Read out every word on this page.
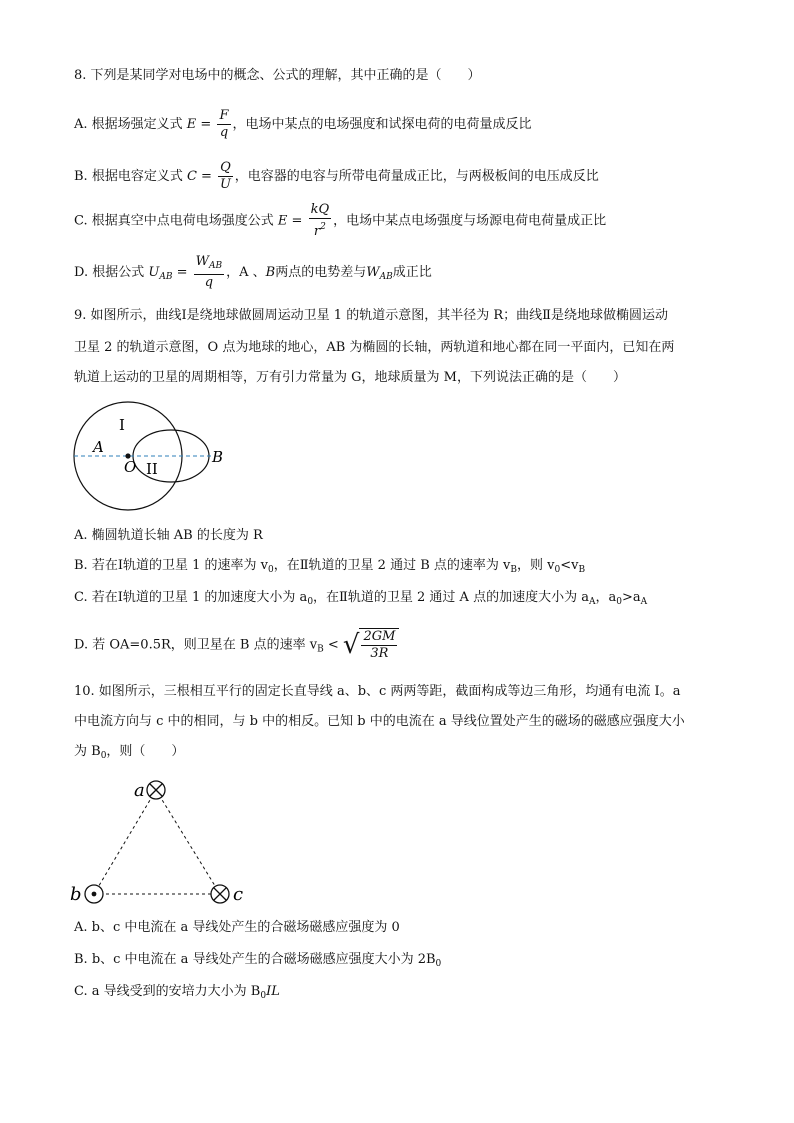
8. 下列是某同学对电场中的概念、公式的理解，其中正确的是（　　）
A. 根据场强定义式 $E = \frac{F}{q}$ ，电场中某点的电场强度和试探电荷的电荷量成反比
B. 根据电容定义式 $C = \frac{Q}{U}$ ，电容器的电容与所带电荷量成正比，与两极板间的电压成反比
C. 根据真空中点电荷电场强度公式 $E = \frac{kQ}{r^2}$ ，电场中某点电场强度与场源电荷电荷量成正比
D. 根据公式 $U_{AB} = \frac{W_{AB}}{q}$ ，A 、B两点的电势差与$W_{AB}$成正比
9. 如图所示，曲线Ⅰ是绕地球做圆周运动卫星 1 的轨道示意图，其半径为 R；曲线Ⅱ是绕地球做椭圆运动
卫星 2 的轨道示意图，O 点为地球的地心，AB 为椭圆的长轴，两轨道和地心都在同一平面内，已知在两
轨道上运动的卫星的周期相等，万有引力常量为 G，地球质量为 M，下列说法正确的是（　　）
I
II
A
B
O
A. 椭圆轨道长轴 AB 的长度为 R
B. 若在Ⅰ轨道的卫星 1 的速率为 $v_0$，在Ⅱ轨道的卫星 2 通过 B 点的速率为 $v_B$，则 $v_0<v_B$
C. 若在Ⅰ轨道的卫星 1 的加速度大小为 $a_0$，在Ⅱ轨道的卫星 2 通过 A 点的加速度大小为 $a_A$，$a_0>a_A$
D. 若 OA=0.5R，则卫星在 B 点的速率 $v_B$ < √ $\frac{2GM}{3R}$
10. 如图所示，三根相互平行的固定长直导线 a、b、c 两两等距，截面构成等边三角形，均通有电流 I。a
中电流方向与 c 中的相同，与 b 中的相反。已知 b 中的电流在 a 导线位置处产生的磁场的磁感应强度大小
为 $B_0$，则（　　）
a
b	c
A. b、c 中电流在 a 导线处产生的合磁场磁感应强度为 0
B. b、c 中电流在 a 导线处产生的合磁场磁感应强度大小为 $2B_0$
C. a 导线受到的安培力大小为 $B_0IL$
